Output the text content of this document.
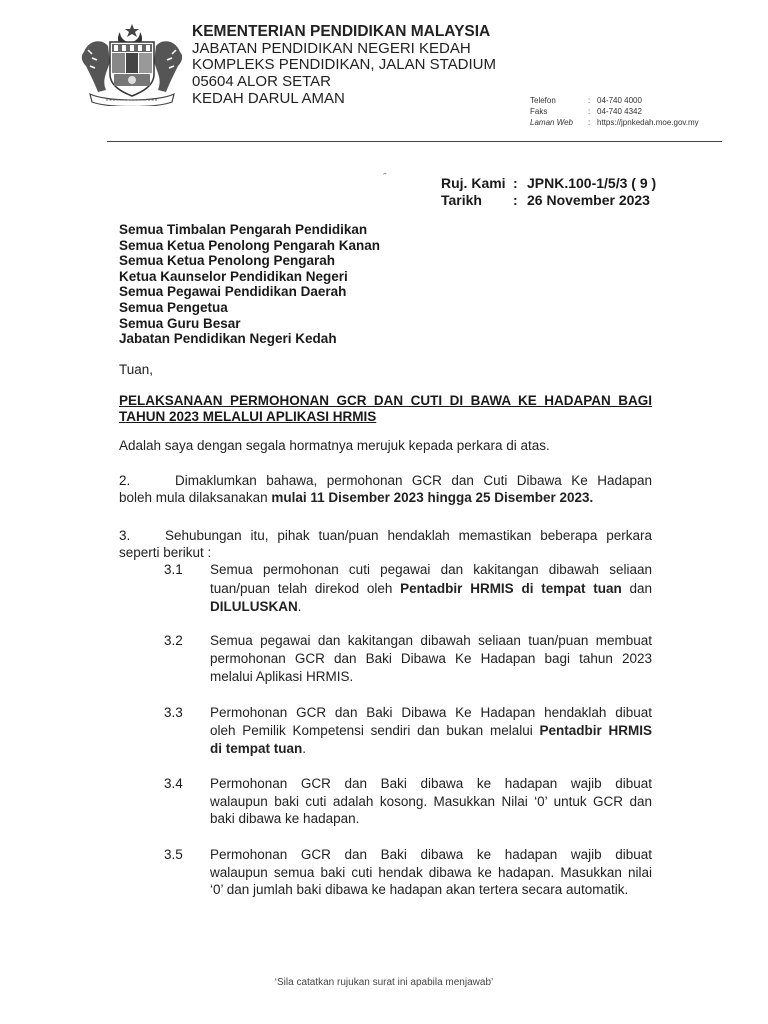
KEMENTERIAN PENDIDIKAN MALAYSIA
JABATAN PENDIDIKAN NEGERI KEDAH
KOMPLEKS PENDIDIKAN, JALAN STADIUM
05604 ALOR SETAR
KEDAH DARUL AMAN	Telefon	: 04-740 4000
Faks	: 04-740 4342
Laman Web	: https://jpnkedah.moe.gov.my
˝	Ruj. Kami : JPNK.100-1/5/3 ( 9 )
Tarikh	: 26 November 2023
Semua Timbalan Pengarah Pendidikan
Semua Ketua Penolong Pengarah Kanan
Semua Ketua Penolong Pengarah
Ketua Kaunselor Pendidikan Negeri
Semua Pegawai Pendidikan Daerah
Semua Pengetua
Semua Guru Besar
Jabatan Pendidikan Negeri Kedah
Tuan,
PELAKSANAAN PERMOHONAN GCR DAN CUTI DI BAWA KE HADAPAN BAGI
TAHUN 2023 MELALUI APLIKASI HRMIS
Adalah saya dengan segala hormatnya merujuk kepada perkara di atas.
2.	Dimaklumkan bahawa, permohonan GCR dan Cuti Dibawa Ke Hadapan
boleh mula dilaksanakan mulai 11 Disember 2023 hingga 25 Disember 2023.
3.	Sehubungan itu, pihak tuan/puan hendaklah memastikan beberapa perkara
seperti berikut :
3.1 Semua permohonan cuti pegawai dan kakitangan dibawah seliaan
tuan/puan telah direkod oleh Pentadbir HRMIS di tempat tuan dan
DILULUSKAN.
3.2 Semua pegawai dan kakitangan dibawah seliaan tuan/puan membuat
permohonan GCR dan Baki Dibawa Ke Hadapan bagi tahun 2023
melalui Aplikasi HRMIS.
3.3 Permohonan GCR dan Baki Dibawa Ke Hadapan hendaklah dibuat
oleh Pemilik Kompetensi sendiri dan bukan melalui Pentadbir HRMIS
di tempat tuan.
3.4 Permohonan GCR dan Baki dibawa ke hadapan wajib dibuat
walaupun baki cuti adalah kosong. Masukkan Nilai ‘0’ untuk GCR dan
baki dibawa ke hadapan.
3.5 Permohonan GCR dan Baki dibawa ke hadapan wajib dibuat
walaupun semua baki cuti hendak dibawa ke hadapan. Masukkan nilai
‘0’ dan jumlah baki dibawa ke hadapan akan tertera secara automatik.
‘Sila catatkan rujukan surat ini apabila menjawab’
